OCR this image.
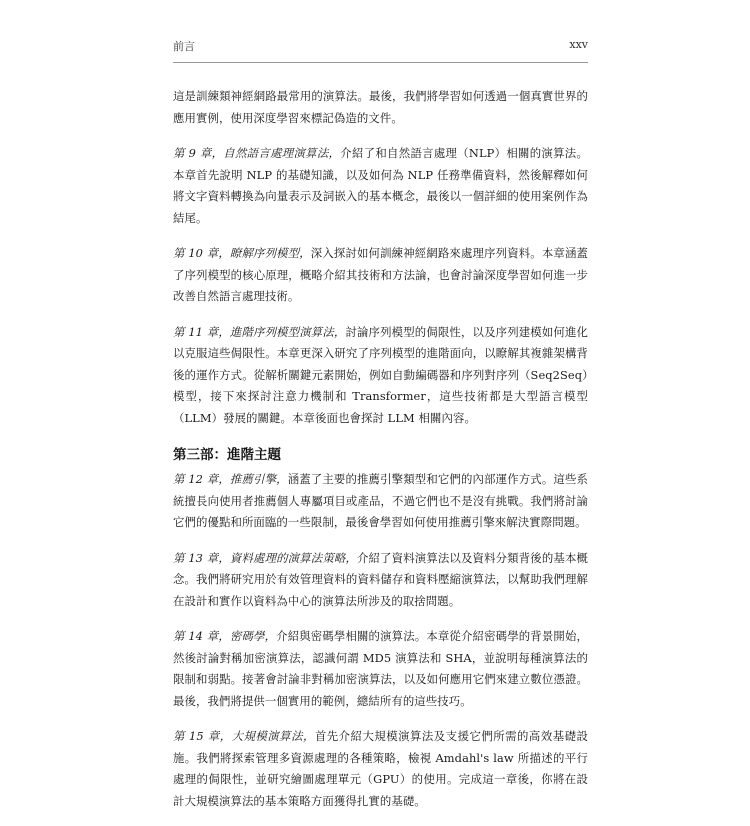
前言	xxv

這是訓練類神經網路最常用的演算法。最後，我們將學習如何透過一個真實世界的應用實例，使用深度學習來標記偽造的文件。

第 9 章，自然語言處理演算法，介紹了和自然語言處理（NLP）相關的演算法。本章首先說明 NLP 的基礎知識，以及如何為 NLP 任務準備資料，然後解釋如何將文字資料轉換為向量表示及詞嵌入的基本概念，最後以一個詳細的使用案例作為結尾。

第 10 章，瞭解序列模型，深入探討如何訓練神經網路來處理序列資料。本章涵蓋了序列模型的核心原理，概略介紹其技術和方法論，也會討論深度學習如何進一步改善自然語言處理技術。

第 11 章，進階序列模型演算法，討論序列模型的侷限性，以及序列建模如何進化以克服這些侷限性。本章更深入研究了序列模型的進階面向，以瞭解其複雜架構背後的運作方式。從解析關鍵元素開始，例如自動編碼器和序列對序列（Seq2Seq）模型，接下來探討注意力機制和 Transformer，這些技術都是大型語言模型（LLM）發展的關鍵。本章後面也會探討 LLM 相關內容。

第三部：進階主題

第 12 章，推薦引擎，涵蓋了主要的推薦引擎類型和它們的內部運作方式。這些系統擅長向使用者推薦個人專屬項目或產品，不過它們也不是沒有挑戰。我們將討論它們的優點和所面臨的一些限制，最後會學習如何使用推薦引擎來解決實際問題。

第 13 章，資料處理的演算法策略，介紹了資料演算法以及資料分類背後的基本概念。我們將研究用於有效管理資料的資料儲存和資料壓縮演算法，以幫助我們理解在設計和實作以資料為中心的演算法所涉及的取捨問題。

第 14 章，密碼學，介紹與密碼學相關的演算法。本章從介紹密碼學的背景開始，然後討論對稱加密演算法，認識何謂 MD5 演算法和 SHA，並說明每種演算法的限制和弱點。接著會討論非對稱加密演算法，以及如何應用它們來建立數位憑證。最後，我們將提供一個實用的範例，總結所有的這些技巧。

第 15 章，大規模演算法，首先介紹大規模演算法及支援它們所需的高效基礎設施。我們將探索管理多資源處理的各種策略，檢視 Amdahl's law 所描述的平行處理的侷限性，並研究繪圖處理單元（GPU）的使用。完成這一章後，你將在設計大規模演算法的基本策略方面獲得扎實的基礎。
